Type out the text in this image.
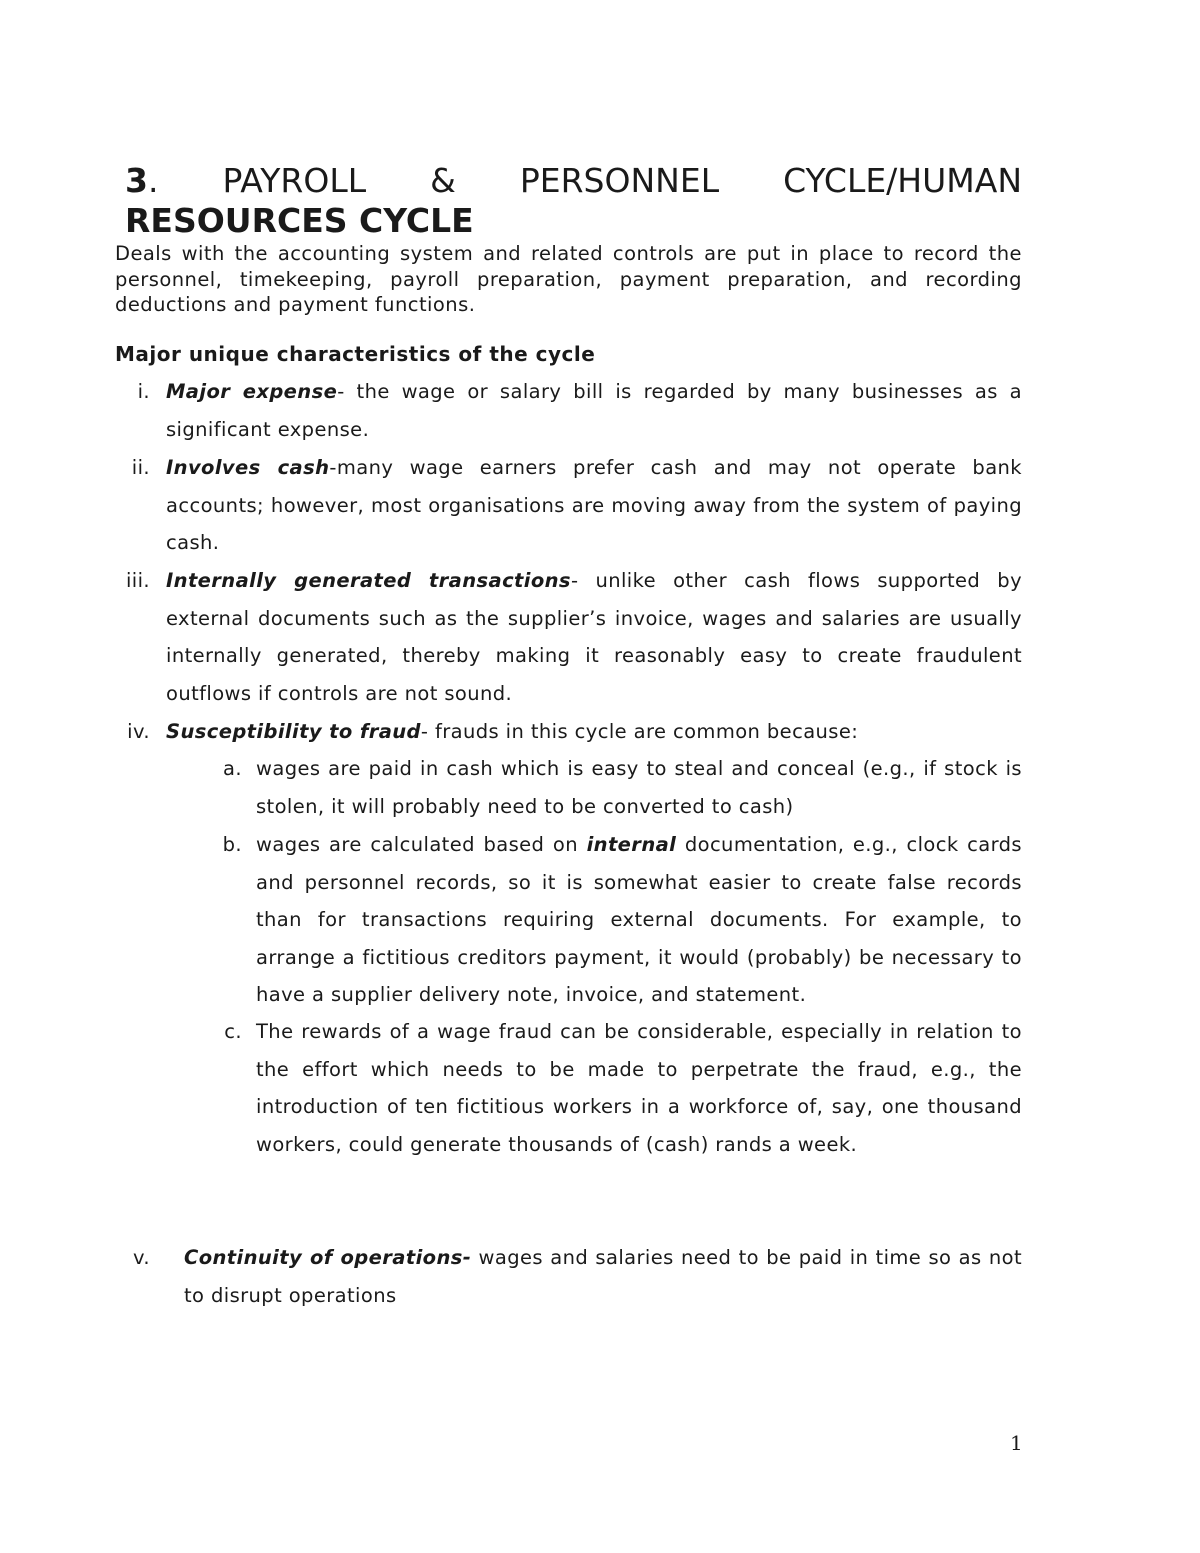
3. PAYROLL & PERSONNEL CYCLE/HUMAN
RESOURCES CYCLE

Deals with the accounting system and related controls are put in place to record the personnel, timekeeping, payroll preparation, payment preparation, and recording deductions and payment functions.

Major unique characteristics of the cycle
i. Major expense- the wage or salary bill is regarded by many businesses as a significant expense.
ii. Involves cash-many wage earners prefer cash and may not operate bank accounts; however, most organisations are moving away from the system of paying cash.
iii. Internally generated transactions- unlike other cash flows supported by external documents such as the supplier’s invoice, wages and salaries are usually internally generated, thereby making it reasonably easy to create fraudulent outflows if controls are not sound.
iv. Susceptibility to fraud- frauds in this cycle are common because:
a. wages are paid in cash which is easy to steal and conceal (e.g., if stock is stolen, it will probably need to be converted to cash)
b. wages are calculated based on internal documentation, e.g., clock cards and personnel records, so it is somewhat easier to create false records than for transactions requiring external documents. For example, to arrange a fictitious creditors payment, it would (probably) be necessary to have a supplier delivery note, invoice, and statement.
c. The rewards of a wage fraud can be considerable, especially in relation to the effort which needs to be made to perpetrate the fraud, e.g., the introduction of ten fictitious workers in a workforce of, say, one thousand workers, could generate thousands of (cash) rands a week.
v. Continuity of operations- wages and salaries need to be paid in time so as not to disrupt operations
1
